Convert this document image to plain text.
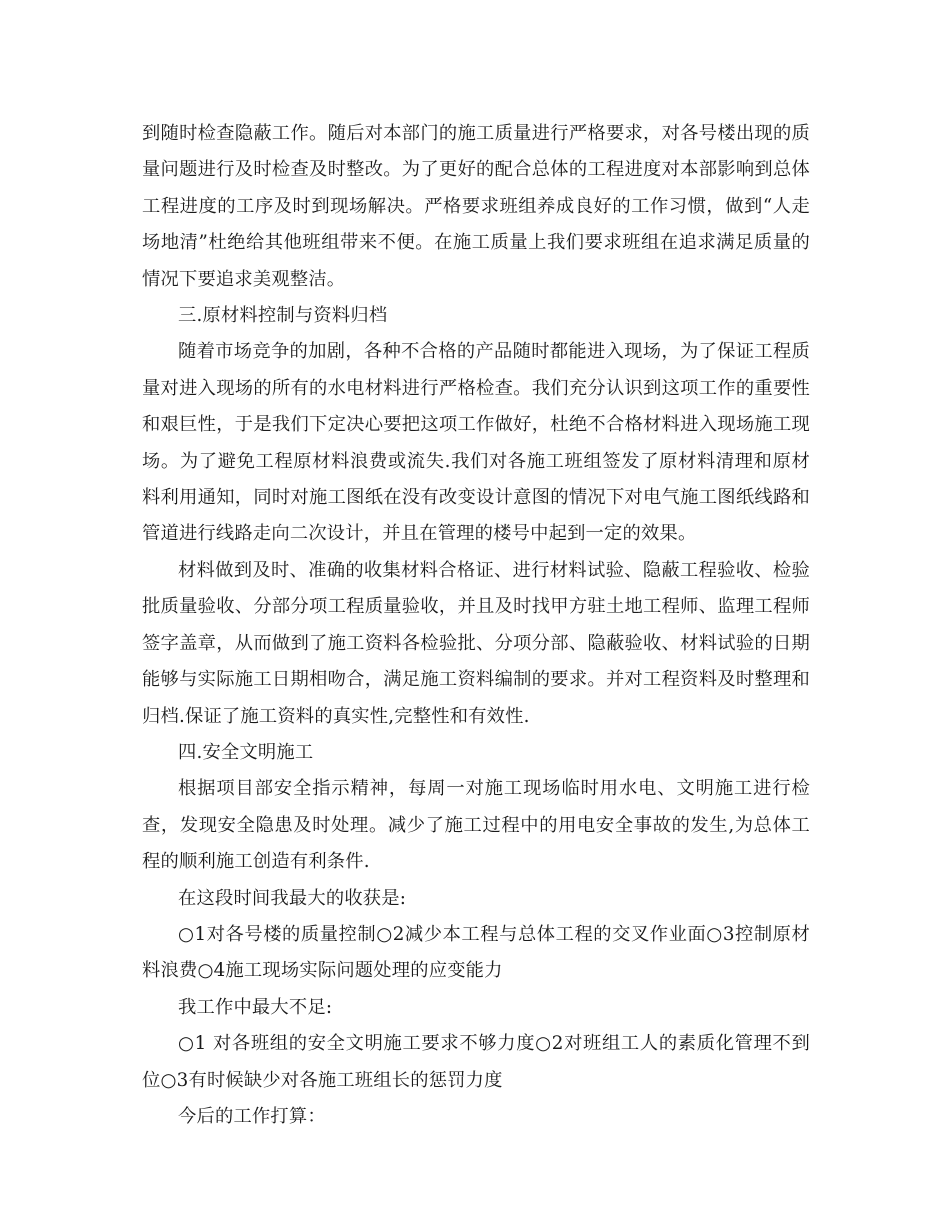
到随时检查隐蔽工作。随后对本部门的施工质量进行严格要求，对各号楼出现的质量问题进行及时检查及时整改。为了更好的配合总体的工程进度对本部影响到总体工程进度的工序及时到现场解决。严格要求班组养成良好的工作习惯，做到“人走场地清”杜绝给其他班组带来不便。在施工质量上我们要求班组在追求满足质量的情况下要追求美观整洁。

三.原材料控制与资料归档

随着市场竞争的加剧，各种不合格的产品随时都能进入现场，为了保证工程质量对进入现场的所有的水电材料进行严格检查。我们充分认识到这项工作的重要性和艰巨性，于是我们下定决心要把这项工作做好，杜绝不合格材料进入现场施工现场。为了避免工程原材料浪费或流失.我们对各施工班组签发了原材料清理和原材料利用通知，同时对施工图纸在没有改变设计意图的情况下对电气施工图纸线路和管道进行线路走向二次设计，并且在管理的楼号中起到一定的效果。

材料做到及时、准确的收集材料合格证、进行材料试验、隐蔽工程验收、检验批质量验收、分部分项工程质量验收，并且及时找甲方驻土地工程师、监理工程师签字盖章，从而做到了施工资料各检验批、分项分部、隐蔽验收、材料试验的日期能够与实际施工日期相吻合，满足施工资料编制的要求。并对工程资料及时整理和归档.保证了施工资料的真实性,完整性和有效性.

四.安全文明施工

根据项目部安全指示精神，每周一对施工现场临时用水电、文明施工进行检查，发现安全隐患及时处理。减少了施工过程中的用电安全事故的发生,为总体工程的顺利施工创造有利条件.

在这段时间我最大的收获是:

○1对各号楼的质量控制○2减少本工程与总体工程的交叉作业面○3控制原材料浪费○4施工现场实际问题处理的应变能力

我工作中最大不足:

○1 对各班组的安全文明施工要求不够力度○2对班组工人的素质化管理不到位○3有时候缺少对各施工班组长的惩罚力度

今后的工作打算：
